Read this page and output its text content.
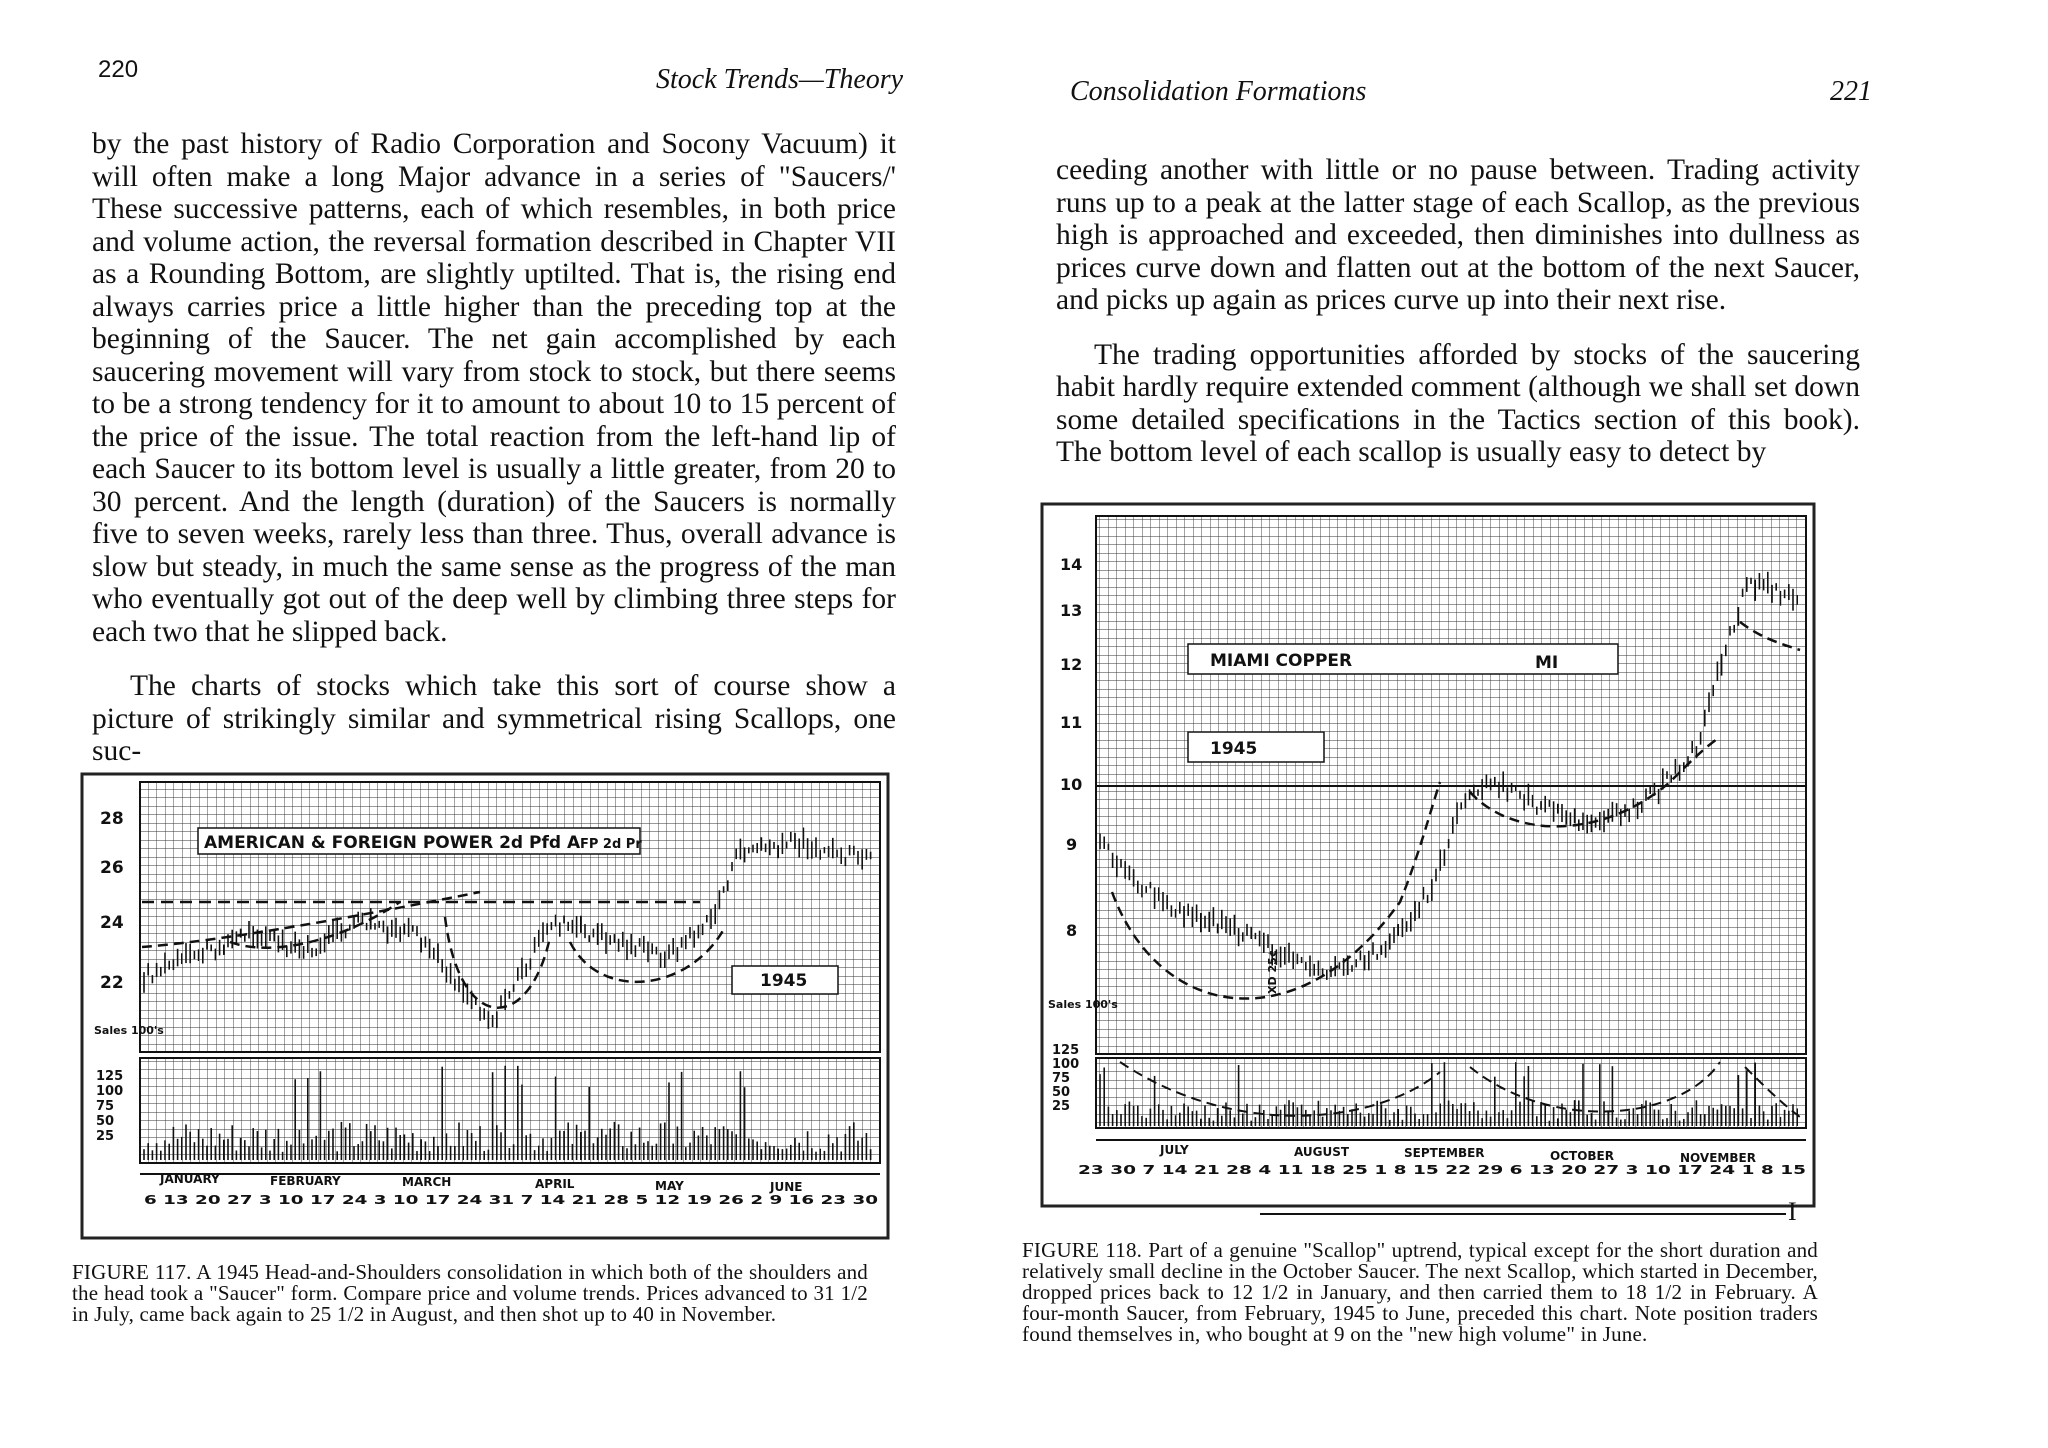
220	Stock Trends—Theory

by the past history of Radio Corporation and Socony Vacuum) it will often make a long Major advance in a series of "Saucers/' These successive patterns, each of which resembles, in both price and volume action, the reversal formation described in Chapter VII as a Rounding Bottom, are slightly uptilted. That is, the rising end always carries price a little higher than the preceding top at the beginning of the Saucer. The net gain accomplished by each saucering movement will vary from stock to stock, but there seems to be a strong tendency for it to amount to about 10 to 15 percent of the price of the issue. The total reaction from the left-hand lip of each Saucer to its bottom level is usually a little greater, from 20 to 30 percent. And the length (duration) of the Saucers is normally five to seven weeks, rarely less than three. Thus, overall advance is slow but steady, in much the same sense as the progress of the man who eventually got out of the deep well by climbing three steps for each two that he slipped back.

The charts of stocks which take this sort of course show a picture of strikingly similar and symmetrical rising Scallops, one suc-

AMERICAN & FOREIGN POWER 2d Pfd A FP 2d Pr
1945
28
26
24
22
Sales 100's
125
100
75
50
25
JANUARY	FEBRUARY	MARCH	APRIL	MAY	JUNE
6 13 20 27 3 10 17 24 3 10 17 24 31 7 14 21 28 5 12 19 26 2 9 16 23 30
FIGURE 117. A 1945 Head-and-Shoulders consolidation in which both of the shoulders and the head took a "Saucer" form. Compare price and volume trends. Prices advanced to 31 1/2 in July, came back again to 25 1/2 in August, and then shot up to 40 in November.
Consolidation Formations	221

ceeding another with little or no pause between. Trading activity runs up to a peak at the latter stage of each Scallop, as the previous high is approached and exceeded, then diminishes into dullness as prices curve down and flatten out at the bottom of the next Saucer, and picks up again as prices curve up into their next rise.

The trading opportunities afforded by stocks of the saucering habit hardly require extended comment (although we shall set down some detailed specifications in the Tactics section of this book). The bottom level of each scallop is usually easy to detect by

MIAMI COPPER	MI
1945
14
13
12
11
10
9
8
Sales 100's
125
100
75
50
25
XD 25¢
JULY	AUGUST	SEPTEMBER	OCTOBER	NOVEMBER
23 30 7 14 21 28 4 11 18 25 1 8 15 22 29 6 13 20 27 3 10 17 24 1 8 15
I
FIGURE 118. Part of a genuine "Scallop" uptrend, typical except for the short duration and relatively small decline in the October Saucer. The next Scallop, which started in December, dropped prices back to 12 1/2 in January, and then carried them to 18 1/2 in February. A four-month Saucer, from February, 1945 to June, preceded this chart. Note position traders found themselves in, who bought at 9 on the "new high volume" in June.
